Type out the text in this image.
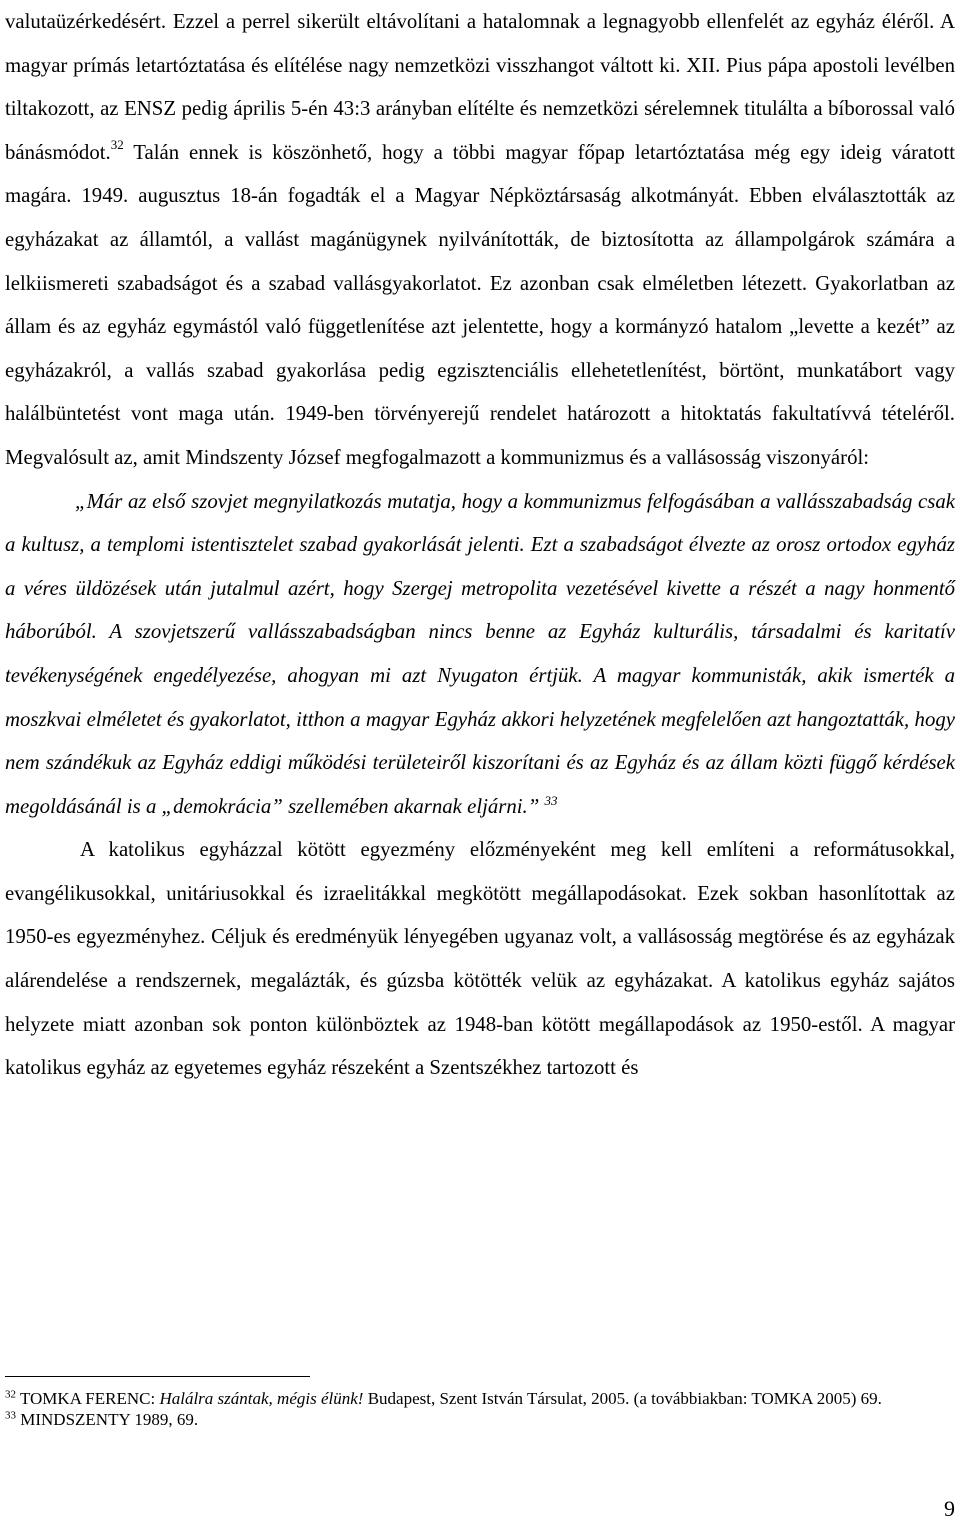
valutaüzérkedésért. Ezzel a perrel sikerült eltávolítani a hatalomnak a legnagyobb ellenfelét az egyház éléről. A magyar prímás letartóztatása és elítélése nagy nemzetközi visszhangot váltott ki. XII. Pius pápa apostoli levélben tiltakozott, az ENSZ pedig április 5-én 43:3 arányban elítélte és nemzetközi sérelemnek titulálta a bíborossal való bánásmódot.$^{32}$ Talán ennek is köszönhető, hogy a többi magyar főpap letartóztatása még egy ideig váratott magára. 1949. augusztus 18-án fogadták el a Magyar Népköztársaság alkotmányát. Ebben elválasztották az egyházakat az államtól, a vallást magánügynek nyilvánították, de biztosította az állampolgárok számára a lelkiismereti szabadságot és a szabad vallásgyakorlatot. Ez azonban csak elméletben létezett. Gyakorlatban az állam és az egyház egymástól való függetlenítése azt jelentette, hogy a kormányzó hatalom „levette a kezét” az egyházakról, a vallás szabad gyakorlása pedig egzisztenciális ellehetetlenítést, börtönt, munkatábort vagy halálbüntetést vont maga után. 1949-ben törvényerejű rendelet határozott a hitoktatás fakultatívvá tételéről. Megvalósult az, amit Mindszenty József megfogalmazott a kommunizmus és a vallásosság viszonyáról:

„Már az első szovjet megnyilatkozás mutatja, hogy a kommunizmus felfogásában a vallásszabadság csak a kultusz, a templomi istentisztelet szabad gyakorlását jelenti. Ezt a szabadságot élvezte az orosz ortodox egyház a véres üldözések után jutalmul azért, hogy Szergej metropolita vezetésével kivette a részét a nagy honmentő háborúból. A szovjetszerű vallásszabadságban nincs benne az Egyház kulturális, társadalmi és karitatív tevékenységének engedélyezése, ahogyan mi azt Nyugaton értjük. A magyar kommunisták, akik ismerték a moszkvai elméletet és gyakorlatot, itthon a magyar Egyház akkori helyzetének megfelelően azt hangoztatták, hogy nem szándékuk az Egyház eddigi működési területeiről kiszorítani és az Egyház és az állam közti függő kérdések megoldásánál is a „demokrácia” szellemében akarnak eljárni.” $^{33}$

A katolikus egyházzal kötött egyezmény előzményeként meg kell említeni a reformátusokkal, evangélikusokkal, unitáriusokkal és izraelitákkal megkötött megállapodásokat. Ezek sokban hasonlítottak az 1950-es egyezményhez. Céljuk és eredményük lényegében ugyanaz volt, a vallásosság megtörése és az egyházak alárendelése a rendszernek, megalázták, és gúzsba kötötték velük az egyházakat. A katolikus egyház sajátos helyzete miatt azonban sok ponton különböztek az 1948-ban kötött megállapodások az 1950-estől. A magyar katolikus egyház az egyetemes egyház részeként a Szentszékhez tartozott és

$^{32}$ TOMKA FERENC: Halálra szántak, mégis élünk! Budapest, Szent István Társulat, 2005. (a továbbiakban: TOMKA 2005) 69.

$^{33}$ MINDSZENTY 1989, 69.

9
